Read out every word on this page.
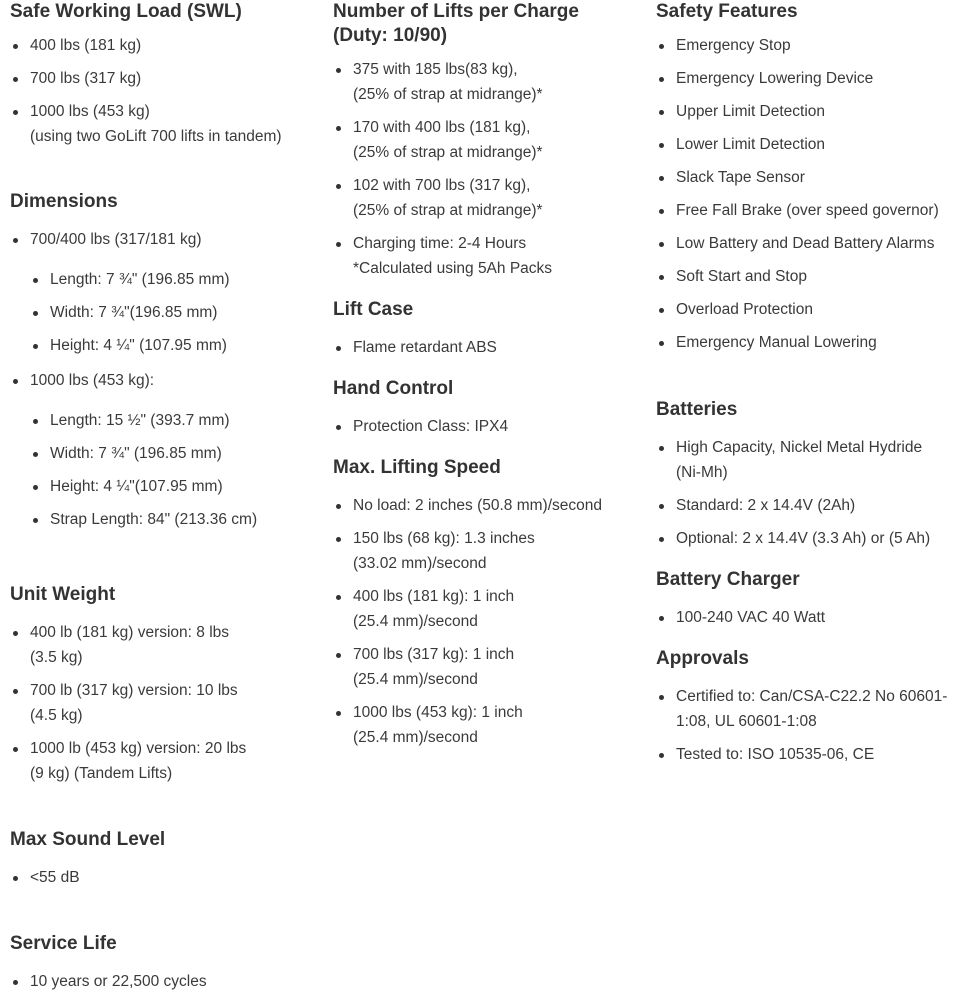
Safe Working Load (SWL)
400 lbs (181 kg)
700 lbs (317 kg)
1000 lbs (453 kg)
(using two GoLift 700 lifts in tandem)
Dimensions
700/400 lbs (317/181 kg)
Length: 7 ¾" (196.85 mm)
Width: 7 ¾"(196.85 mm)
Height: 4 ¼" (107.95 mm)
1000 lbs (453 kg):
Length: 15 ½" (393.7 mm)
Width: 7 ¾" (196.85 mm)
Height: 4 ¼"(107.95 mm)
Strap Length: 84" (213.36 cm)
Unit Weight
400 lb (181 kg) version: 8 lbs
(3.5 kg)
700 lb (317 kg) version: 10 lbs
(4.5 kg)
1000 lb (453 kg) version: 20 lbs
(9 kg) (Tandem Lifts)
Max Sound Level
<55 dB
Service Life
10 years or 22,500 cycles
Number of Lifts per Charge
(Duty: 10/90)
375 with 185 lbs(83 kg),
(25% of strap at midrange)*
170 with 400 lbs (181 kg),
(25% of strap at midrange)*
102 with 700 lbs (317 kg),
(25% of strap at midrange)*
Charging time: 2-4 Hours
*Calculated using 5Ah Packs
Lift Case
Flame retardant ABS
Hand Control
Protection Class: IPX4
Max. Lifting Speed
No load: 2 inches (50.8 mm)/second
150 lbs (68 kg): 1.3 inches
(33.02 mm)/second
400 lbs (181 kg): 1 inch
(25.4 mm)/second
700 lbs (317 kg): 1 inch
(25.4 mm)/second
1000 lbs (453 kg): 1 inch
(25.4 mm)/second
Safety Features
Emergency Stop
Emergency Lowering Device
Upper Limit Detection
Lower Limit Detection
Slack Tape Sensor
Free Fall Brake (over speed governor)
Low Battery and Dead Battery Alarms
Soft Start and Stop
Overload Protection
Emergency Manual Lowering
Batteries
High Capacity, Nickel Metal Hydride
(Ni-Mh)
Standard: 2 x 14.4V (2Ah)
Optional: 2 x 14.4V (3.3 Ah) or (5 Ah)
Battery Charger
100-240 VAC 40 Watt
Approvals
Certified to: Can/CSA-C22.2 No 60601-
1:08, UL 60601-1:08
Tested to: ISO 10535-06, CE
